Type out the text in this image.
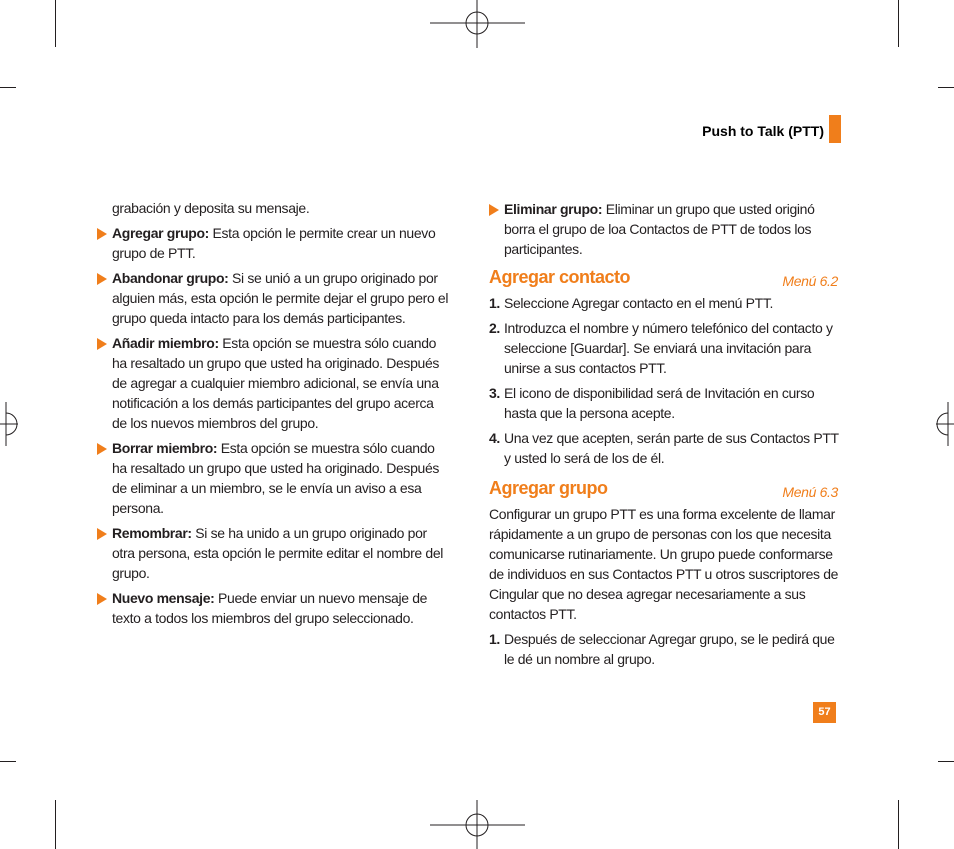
Push to Talk (PTT)

grabación y deposita su mensaje.

Agregar grupo: Esta opción le permite crear un nuevo grupo de PTT.
Abandonar grupo: Si se unió a un grupo originado por alguien más, esta opción le permite dejar el grupo pero el grupo queda intacto para los demás participantes.
Añadir miembro: Esta opción se muestra sólo cuando ha resaltado un grupo que usted ha originado. Después de agregar a cualquier miembro adicional, se envía una notificación a los demás participantes del grupo acerca de los nuevos miembros del grupo.
Borrar miembro: Esta opción se muestra sólo cuando ha resaltado un grupo que usted ha originado. Después de eliminar a un miembro, se le envía un aviso a esa persona.
Remombrar: Si se ha unido a un grupo originado por otra persona, esta opción le permite editar el nombre del grupo.
Nuevo mensaje: Puede enviar un nuevo mensaje de texto a todos los miembros del grupo seleccionado.
Eliminar grupo: Eliminar un grupo que usted originó borra el grupo de loa Contactos de PTT de todos los participantes.
Agregar contacto	Menú 6.2
1. Seleccione Agregar contacto en el menú PTT.
2. Introduzca el nombre y número telefónico del contacto y seleccione [Guardar]. Se enviará una invitación para unirse a sus contactos PTT.
3. El icono de disponibilidad será de Invitación en curso hasta que la persona acepte.
4. Una vez que acepten, serán parte de sus Contactos PTT y usted lo será de los de él.
Agregar grupo	Menú 6.3

Configurar un grupo PTT es una forma excelente de llamar rápidamente a un grupo de personas con los que necesita comunicarse rutinariamente. Un grupo puede conformarse de individuos en sus Contactos PTT u otros suscriptores de Cingular que no desea agregar necesariamente a sus contactos PTT.

1. Después de seleccionar Agregar grupo, se le pedirá que le dé un nombre al grupo.
57
